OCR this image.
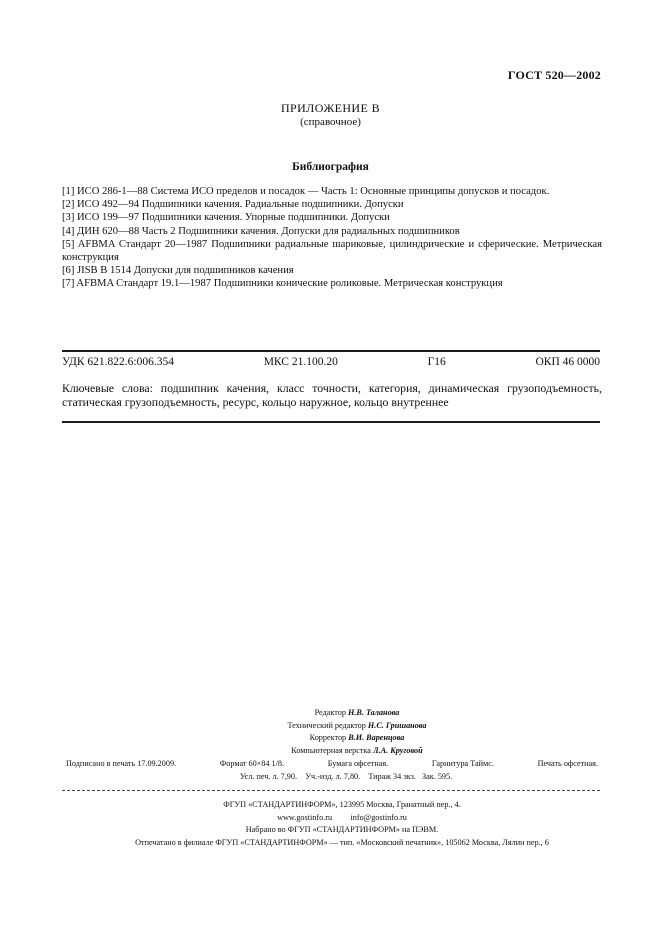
ГОСТ 520—2002
ПРИЛОЖЕНИЕ В
(справочное)
Библиография

[1] ИСО 286-1—88 Система ИСО пределов и посадок — Часть 1: Основные принципы допусков и посадок.

[2] ИСО 492—94 Подшипники качения. Радиальные подшипники. Допуски

[3] ИСО 199—97 Подшипники качения. Упорные подшипники. Допуски

[4] ДИН 620—88 Часть 2 Подшипники качения. Допуски для радиальных подшипников

[5] AFBMA Стандарт 20—1987 Подшипники радиальные шариковые, цилиндрические и сферические. Метрическая конструкция

[6] JISB В 1514 Допуски для подшипников качения

[7] AFBMA Стандарт 19.1—1987 Подшипники конические роликовые. Метрическая конструкция

УДК 621.822.6:006.354	МКС 21.100.20	Г16	ОКП 46 0000
Ключевые слова: подшипник качения, класс точности, категория, динамическая грузоподъемность, статическая грузоподъемность, ресурс, кольцо наружное, кольцо внутреннее
Редактор Н.В. Таланова
Технический редактор Н.С. Гришанова
Корректор В.И. Варенцова
Компьютерная верстка Л.А. Круговой
Подписано в печать 17.09.2009.	Формат 60×84 1/8.	Бумага офсетная.	Гарнитура Таймс.	Печать офсетная.
Усл. печ. л. 7,90. Уч.-изд. л. 7,80. Тираж 34 экз. Зак. 595.
ФГУП «СТАНДАРТИНФОРМ», 123995 Москва, Гранатный пер., 4.
www.gostinfo.ru info@gostinfo.ru
Набрано во ФГУП «СТАНДАРТИНФОРМ» на ПЭВМ.
Отпечатано в филиале ФГУП «СТАНДАРТИНФОРМ» — тип. «Московский печатник», 105062 Москва, Лялин пер., 6
